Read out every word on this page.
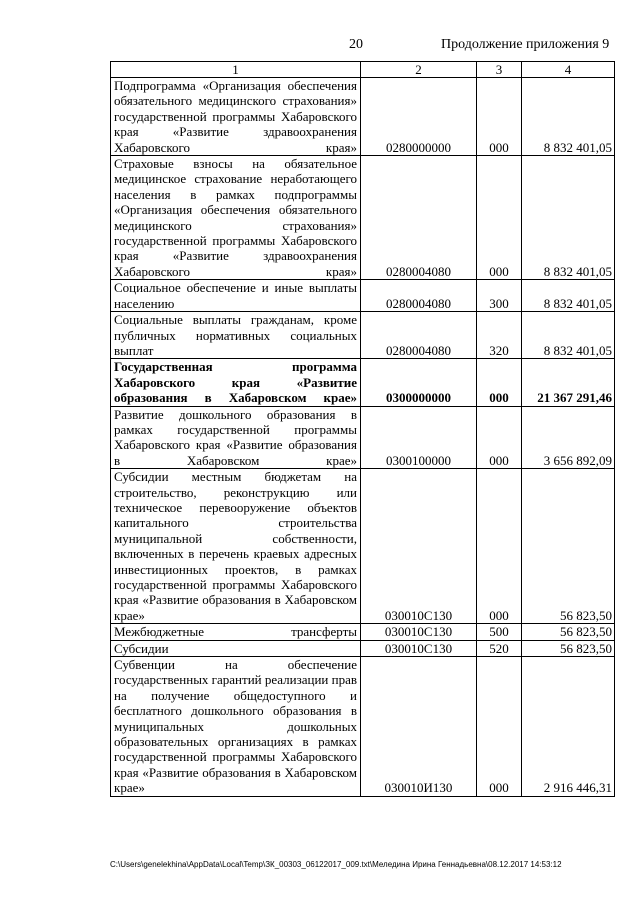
20	Продолжение приложения 9
1	2	3	4
Подпрограмма «Организация обеспечения обязательного медицинского страхования» государственной программы Хабаровского края «Развитие здравоохранения Хабаровского края»	0280000000	000	8 832 401,05
Страховые взносы на обязательное медицинское страхование неработающего населения в рамках подпрограммы «Организация обеспечения обязательного медицинского страхования» государственной программы Хабаровского края «Развитие здравоохранения Хабаровского края»	0280004080	000	8 832 401,05
Социальное обеспечение и иные выплаты населению	0280004080	300	8 832 401,05
Социальные выплаты гражданам, кроме публичных нормативных социальных выплат	0280004080	320	8 832 401,05
Государственная программа Хабаровского края «Развитие образования в Хабаровском крае»	0300000000	000	21 367 291,46
Развитие дошкольного образования в рамках государственной программы Хабаровского края «Развитие образования в Хабаровском крае»	0300100000	000	3 656 892,09
Субсидии местным бюджетам на строительство, реконструкцию или техническое перевооружение объектов капитального строительства муниципальной собственности, включенных в перечень краевых адресных инвестиционных проектов, в рамках государственной программы Хабаровского края «Развитие образования в Хабаровском крае»	030010С130	000	56 823,50
Межбюджетные трансферты	030010С130	500	56 823,50
Субсидии	030010С130	520	56 823,50
Субвенции на обеспечение государственных гарантий реализации прав на получение общедоступного и бесплатного дошкольного образования в муниципальных дошкольных образовательных организациях в рамках государственной программы Хабаровского края «Развитие образования в Хабаровском крае»	030010И130	000	2 916 446,31
C:\Users\genelekhina\AppData\Local\Temp\ЗК_00303_06122017_009.txt\Меледина Ирина Геннадьевна\08.12.2017 14:53:12
